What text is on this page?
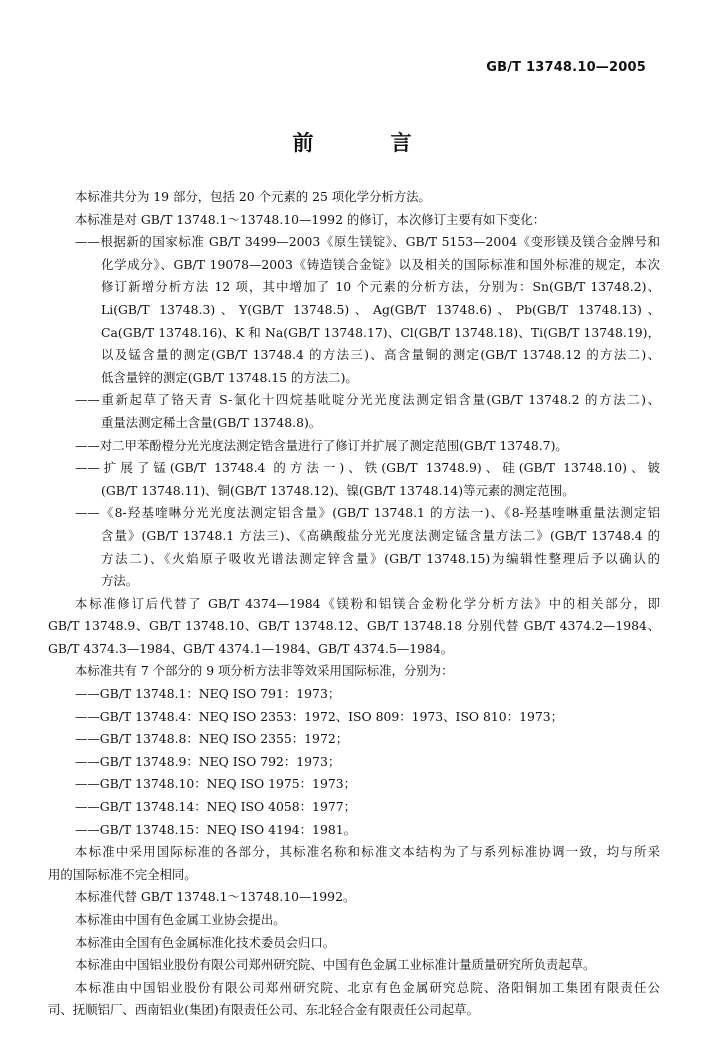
GB/T 13748.10—2005
前　言
本标准共分为 19 部分，包括 20 个元素的 25 项化学分析方法。
本标准是对 GB/T 13748.1～13748.10—1992 的修订，本次修订主要有如下变化：
——根据新的国家标准 GB/T 3499—2003《原生镁锭》、GB/T 5153—2004《变形镁及镁合金牌号和
化学成分》、GB/T 19078—2003《铸造镁合金锭》以及相关的国际标准和国外标准的规定，本次
修订新增分析方法 12 项，其中增加了 10 个元素的分析方法，分别为：Sn(GB/T 13748.2)、
Li(GB/T 13748.3)、Y(GB/T 13748.5)、Ag(GB/T 13748.6)、Pb(GB/T 13748.13)、
Ca(GB/T 13748.16)、K 和 Na(GB/T 13748.17)、Cl(GB/T 13748.18)、Ti(GB/T 13748.19)，
以及锰含量的测定(GB/T 13748.4 的方法三)、高含量铜的测定(GB/T 13748.12 的方法二)、
低含量锌的测定(GB/T 13748.15 的方法二)。
——重新起草了铬天青 S-氯化十四烷基吡啶分光光度法测定铝含量(GB/T 13748.2 的方法二)、
重量法测定稀土含量(GB/T 13748.8)。
——对二甲苯酚橙分光光度法测定锆含量进行了修订并扩展了测定范围(GB/T 13748.7)。
——扩展了锰(GB/T 13748.4 的方法一)、铁(GB/T 13748.9)、硅(GB/T 13748.10)、铍
(GB/T 13748.11)、铜(GB/T 13748.12)、镍(GB/T 13748.14)等元素的测定范围。
——《8-羟基喹啉分光光度法测定铝含量》(GB/T 13748.1 的方法一)、《8-羟基喹啉重量法测定铝
含量》(GB/T 13748.1 方法三)、《高碘酸盐分光光度法测定锰含量方法二》(GB/T 13748.4 的
方法二)、《火焰原子吸收光谱法测定锌含量》(GB/T 13748.15)为编辑性整理后予以确认的
方法。
本标准修订后代替了 GB/T 4374—1984《镁粉和铝镁合金粉化学分析方法》中的相关部分，即
GB/T 13748.9、GB/T 13748.10、GB/T 13748.12、GB/T 13748.18 分别代替 GB/T 4374.2—1984、
GB/T 4374.3—1984、GB/T 4374.1—1984、GB/T 4374.5—1984。
本标准共有 7 个部分的 9 项分析方法非等效采用国际标准，分别为：
——GB/T 13748.1：NEQ ISO 791：1973；
——GB/T 13748.4：NEQ ISO 2353：1972、ISO 809：1973、ISO 810：1973；
——GB/T 13748.8：NEQ ISO 2355：1972；
——GB/T 13748.9：NEQ ISO 792：1973；
——GB/T 13748.10：NEQ ISO 1975：1973；
——GB/T 13748.14：NEQ ISO 4058：1977；
——GB/T 13748.15：NEQ ISO 4194：1981。
本标准中采用国际标准的各部分，其标准名称和标准文本结构为了与系列标准协调一致，均与所采
用的国际标准不完全相同。
本标准代替 GB/T 13748.1～13748.10—1992。
本标准由中国有色金属工业协会提出。
本标准由全国有色金属标准化技术委员会归口。
本标准由中国铝业股份有限公司郑州研究院、中国有色金属工业标准计量质量研究所负责起草。
本标准由中国铝业股份有限公司郑州研究院、北京有色金属研究总院、洛阳铜加工集团有限责任公
司、抚顺铝厂、西南铝业(集团)有限责任公司、东北轻合金有限责任公司起草。
